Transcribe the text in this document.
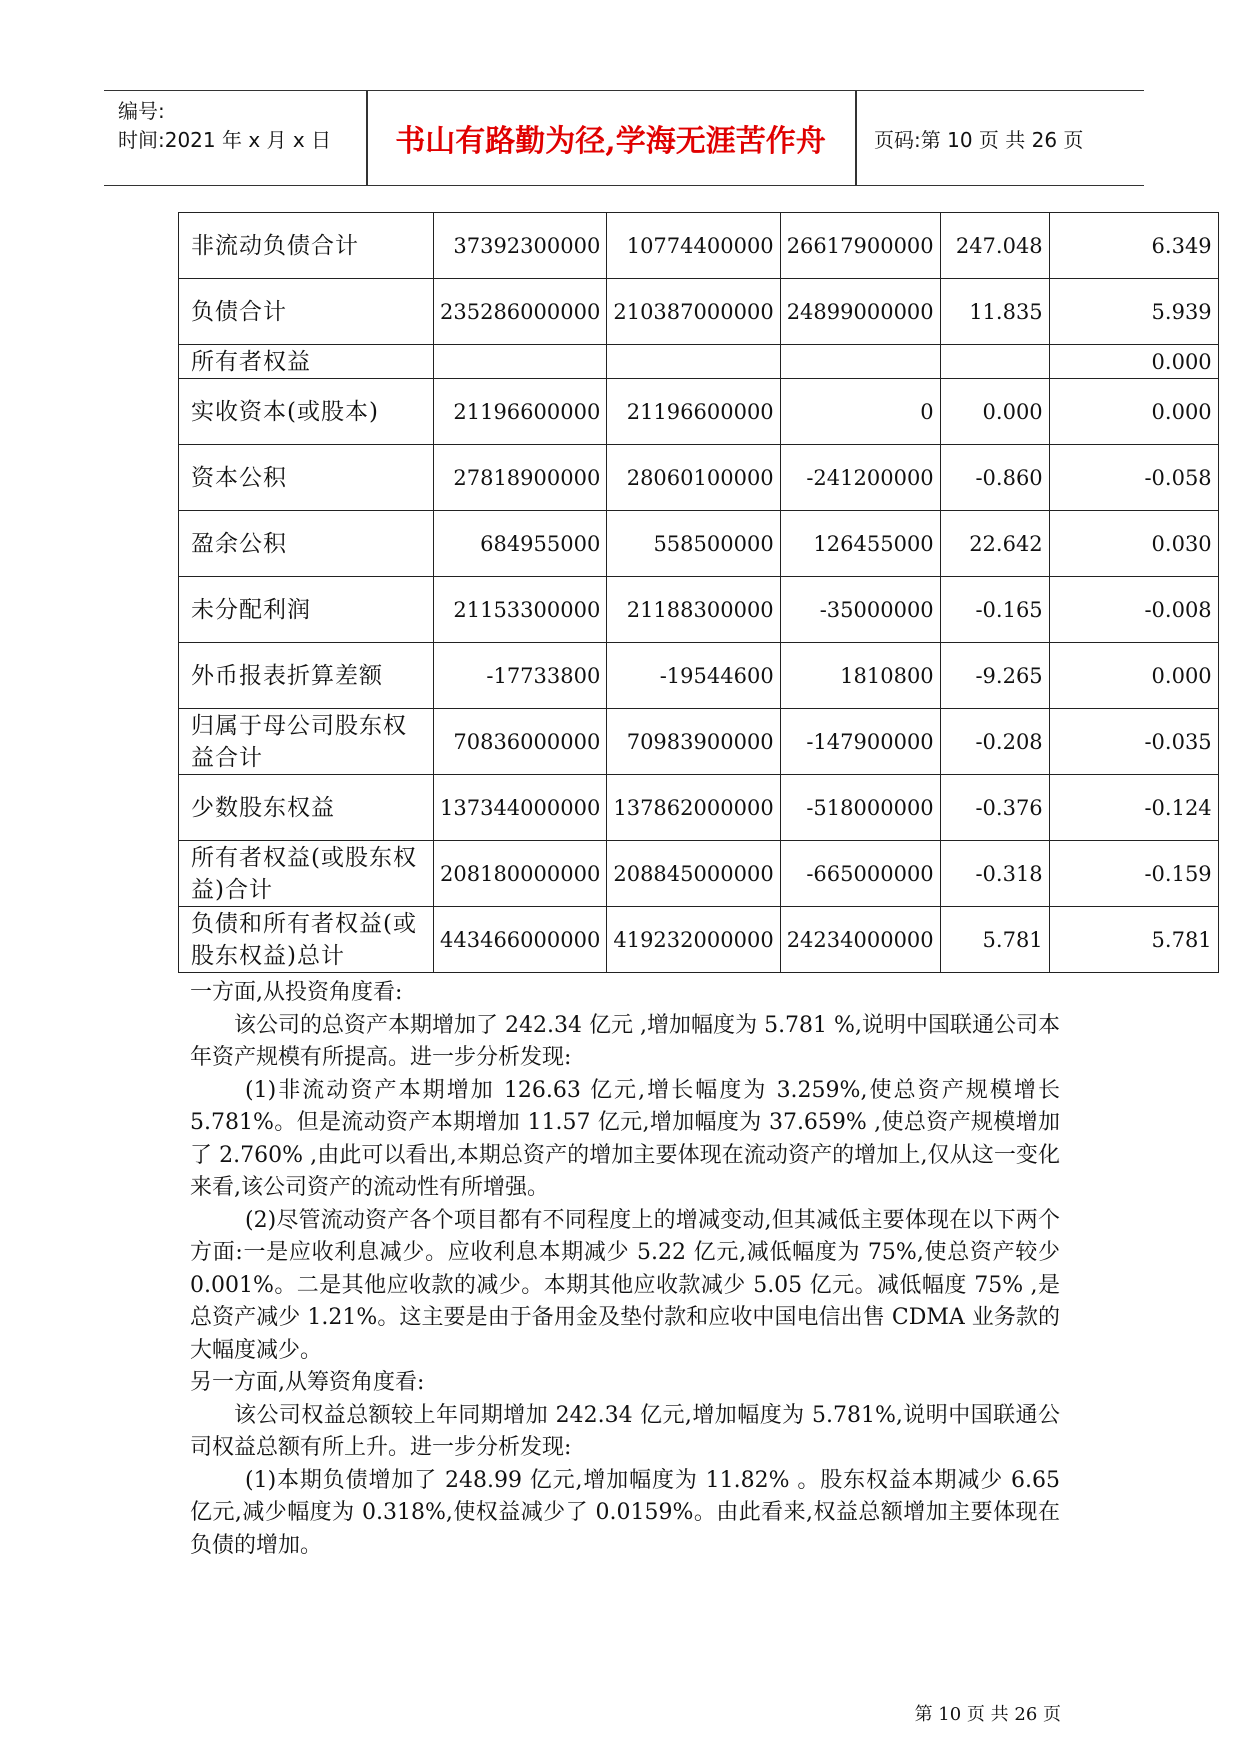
编号:
时间:2021 年 x 月 x 日	书山有路勤为径,学海无涯苦作舟	页码:第 10 页 共 26 页
非流动负债合计	37392300000	10774400000	26617900000	247.048	6.349
负债合计	235286000000	210387000000	24899000000	11.835	5.939
所有者权益					0.000
实收资本(或股本)	21196600000	21196600000	0	0.000	0.000
资本公积	27818900000	28060100000	-241200000	-0.860	-0.058
盈余公积	684955000	558500000	126455000	22.642	0.030
未分配利润	21153300000	21188300000	-35000000	-0.165	-0.008
外币报表折算差额	-17733800	-19544600	1810800	-9.265	0.000
归属于母公司股东权益合计	70836000000	70983900000	-147900000	-0.208	-0.035
少数股东权益	137344000000	137862000000	-518000000	-0.376	-0.124
所有者权益(或股东权益)合计	208180000000	208845000000	-665000000	-0.318	-0.159
负债和所有者权益(或股东权益)总计	443466000000	419232000000	24234000000	5.781	5.781

一方面,从投资角度看:

该公司的总资产本期增加了 242.34 亿元 ,增加幅度为 5.781 %,说明中国联通公司本年资产规模有所提高。进一步分析发现:

(1)非流动资产本期增加 126.63 亿元,增长幅度为 3.259%,使总资产规模增长 5.781%。但是流动资产本期增加 11.57 亿元,增加幅度为 37.659% ,使总资产规模增加了 2.760% ,由此可以看出,本期总资产的增加主要体现在流动资产的增加上,仅从这一变化来看,该公司资产的流动性有所增强。

(2)尽管流动资产各个项目都有不同程度上的增减变动,但其减低主要体现在以下两个方面:一是应收利息减少。应收利息本期减少 5.22 亿元,减低幅度为 75%,使总资产较少 0.001%。二是其他应收款的减少。本期其他应收款减少 5.05 亿元。减低幅度 75% ,是总资产减少 1.21%。这主要是由于备用金及垫付款和应收中国电信出售 CDMA 业务款的大幅度减少。

另一方面,从筹资角度看:

该公司权益总额较上年同期增加 242.34 亿元,增加幅度为 5.781%,说明中国联通公司权益总额有所上升。进一步分析发现:

(1)本期负债增加了 248.99 亿元,增加幅度为 11.82% 。股东权益本期减少 6.65 亿元,减少幅度为 0.318%,使权益减少了 0.0159%。由此看来,权益总额增加主要体现在负债的增加。

第 10 页 共 26 页
